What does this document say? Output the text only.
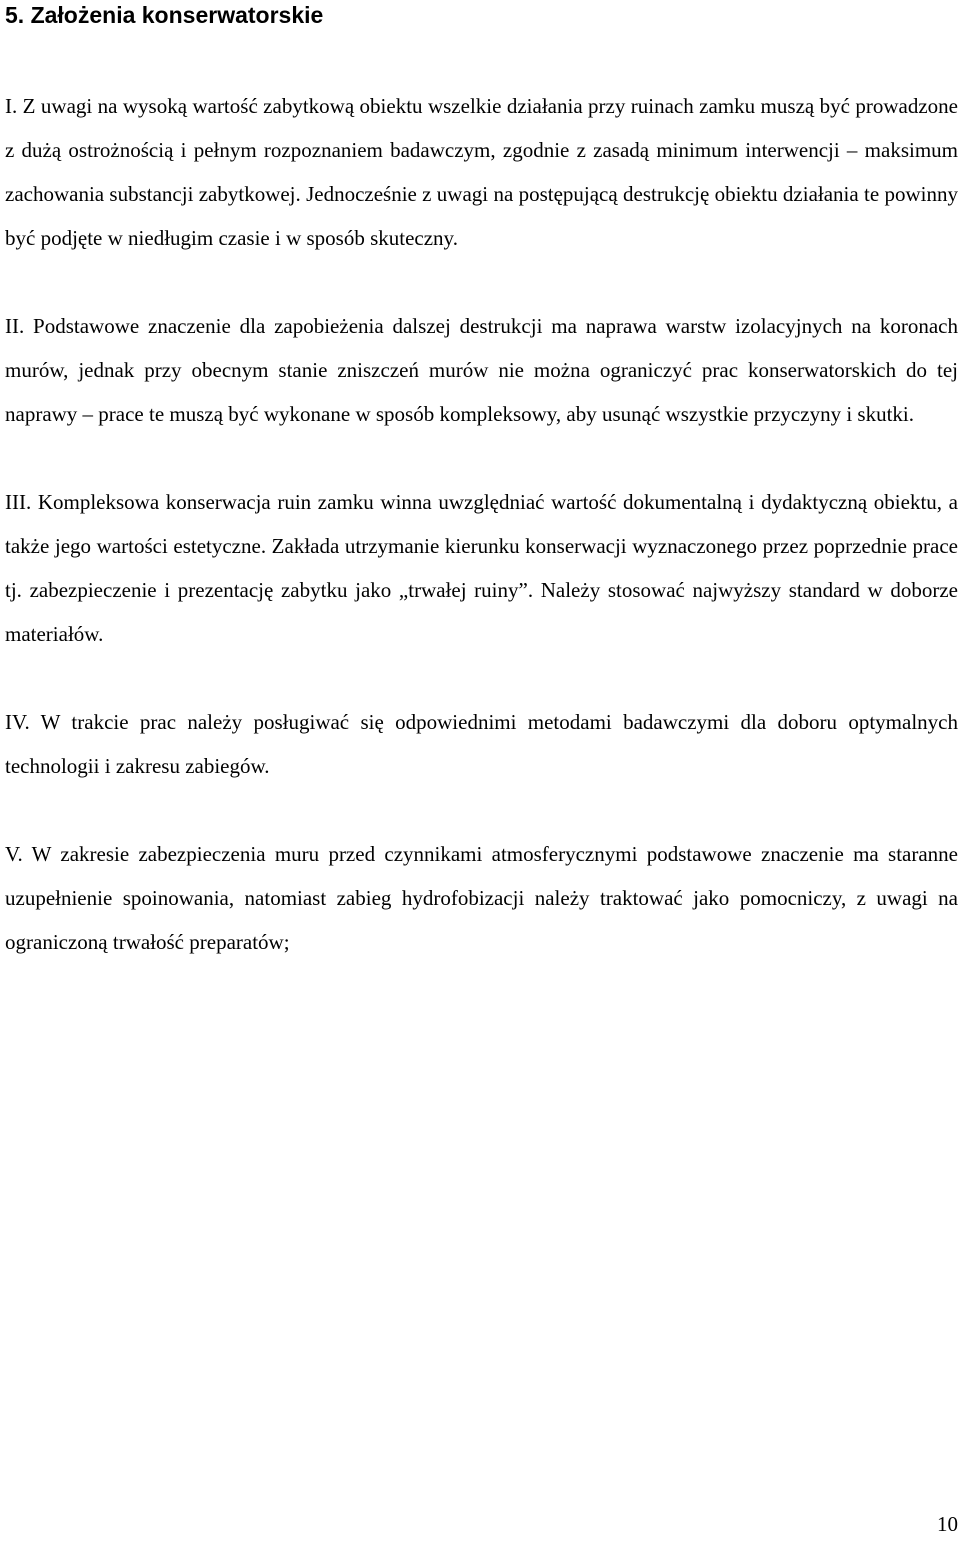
5. Założenia konserwatorskie

I. Z uwagi na wysoką wartość zabytkową obiektu wszelkie działania przy ruinach zamku muszą być prowadzone z dużą ostrożnością i pełnym rozpoznaniem badawczym, zgodnie z zasadą minimum interwencji – maksimum zachowania substancji zabytkowej. Jednocześnie z uwagi na postępującą destrukcję obiektu działania te powinny być podjęte w niedługim czasie i w sposób skuteczny.

II. Podstawowe znaczenie dla zapobieżenia dalszej destrukcji ma naprawa warstw izolacyjnych na koronach murów, jednak przy obecnym stanie zniszczeń murów nie można ograniczyć prac konserwatorskich do tej naprawy – prace te muszą być wykonane w sposób kompleksowy, aby usunąć wszystkie przyczyny i skutki.

III. Kompleksowa konserwacja ruin zamku winna uwzględniać wartość dokumentalną i dydaktyczną obiektu, a także jego wartości estetyczne. Zakłada utrzymanie kierunku konserwacji wyznaczonego przez poprzednie prace tj. zabezpieczenie i prezentację zabytku jako „trwałej ruiny”. Należy stosować najwyższy standard w doborze materiałów.

IV. W trakcie prac należy posługiwać się odpowiednimi metodami badawczymi dla doboru optymalnych technologii i zakresu zabiegów.

V. W zakresie zabezpieczenia muru przed czynnikami atmosferycznymi podstawowe znaczenie ma staranne uzupełnienie spoinowania, natomiast zabieg hydrofobizacji należy traktować jako pomocniczy, z uwagi na ograniczoną trwałość preparatów;

10
